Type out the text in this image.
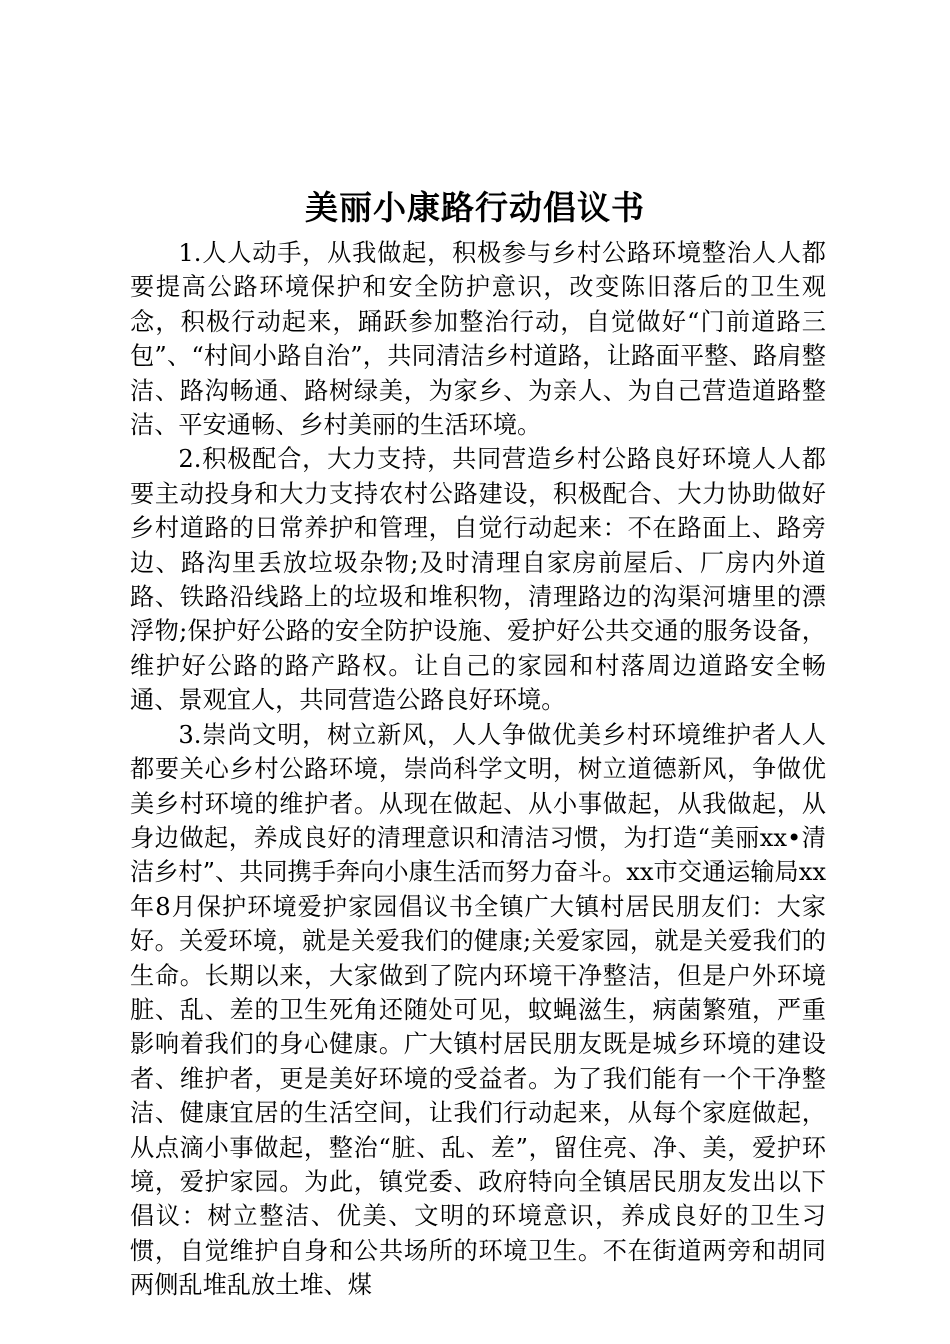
美丽小康路行动倡议书

1.人人动手，从我做起，积极参与乡村公路环境整治人人都要提高公路环境保护和安全防护意识，改变陈旧落后的卫生观念，积极行动起来，踊跃参加整治行动，自觉做好“门前道路三包”、“村间小路自治”，共同清洁乡村道路，让路面平整、路肩整洁、路沟畅通、路树绿美，为家乡、为亲人、为自己营造道路整洁、平安通畅、乡村美丽的生活环境。

2.积极配合，大力支持，共同营造乡村公路良好环境人人都要主动投身和大力支持农村公路建设，积极配合、大力协助做好乡村道路的日常养护和管理，自觉行动起来：不在路面上、路旁边、路沟里丢放垃圾杂物;及时清理自家房前屋后、厂房内外道路、铁路沿线路上的垃圾和堆积物，清理路边的沟渠河塘里的漂浮物;保护好公路的安全防护设施、爱护好公共交通的服务设备，维护好公路的路产路权。让自己的家园和村落周边道路安全畅通、景观宜人，共同营造公路良好环境。

3.崇尚文明，树立新风，人人争做优美乡村环境维护者人人都要关心乡村公路环境，崇尚科学文明，树立道德新风，争做优美乡村环境的维护者。从现在做起、从小事做起，从我做起，从身边做起，养成良好的清理意识和清洁习惯，为打造“美丽xx•清洁乡村”、共同携手奔向小康生活而努力奋斗。xx市交通运输局xx年8月保护环境爱护家园倡议书全镇广大镇村居民朋友们：大家好。关爱环境，就是关爱我们的健康;关爱家园，就是关爱我们的生命。长期以来，大家做到了院内环境干净整洁，但是户外环境脏、乱、差的卫生死角还随处可见，蚊蝇滋生，病菌繁殖，严重影响着我们的身心健康。广大镇村居民朋友既是城乡环境的建设者、维护者，更是美好环境的受益者。为了我们能有一个干净整洁、健康宜居的生活空间，让我们行动起来，从每个家庭做起，从点滴小事做起，整治“脏、乱、差”，留住亮、净、美，爱护环境，爱护家园。为此，镇党委、政府特向全镇居民朋友发出以下倡议：树立整洁、优美、文明的环境意识，养成良好的卫生习惯，自觉维护自身和公共场所的环境卫生。不在街道两旁和胡同两侧乱堆乱放土堆、煤
